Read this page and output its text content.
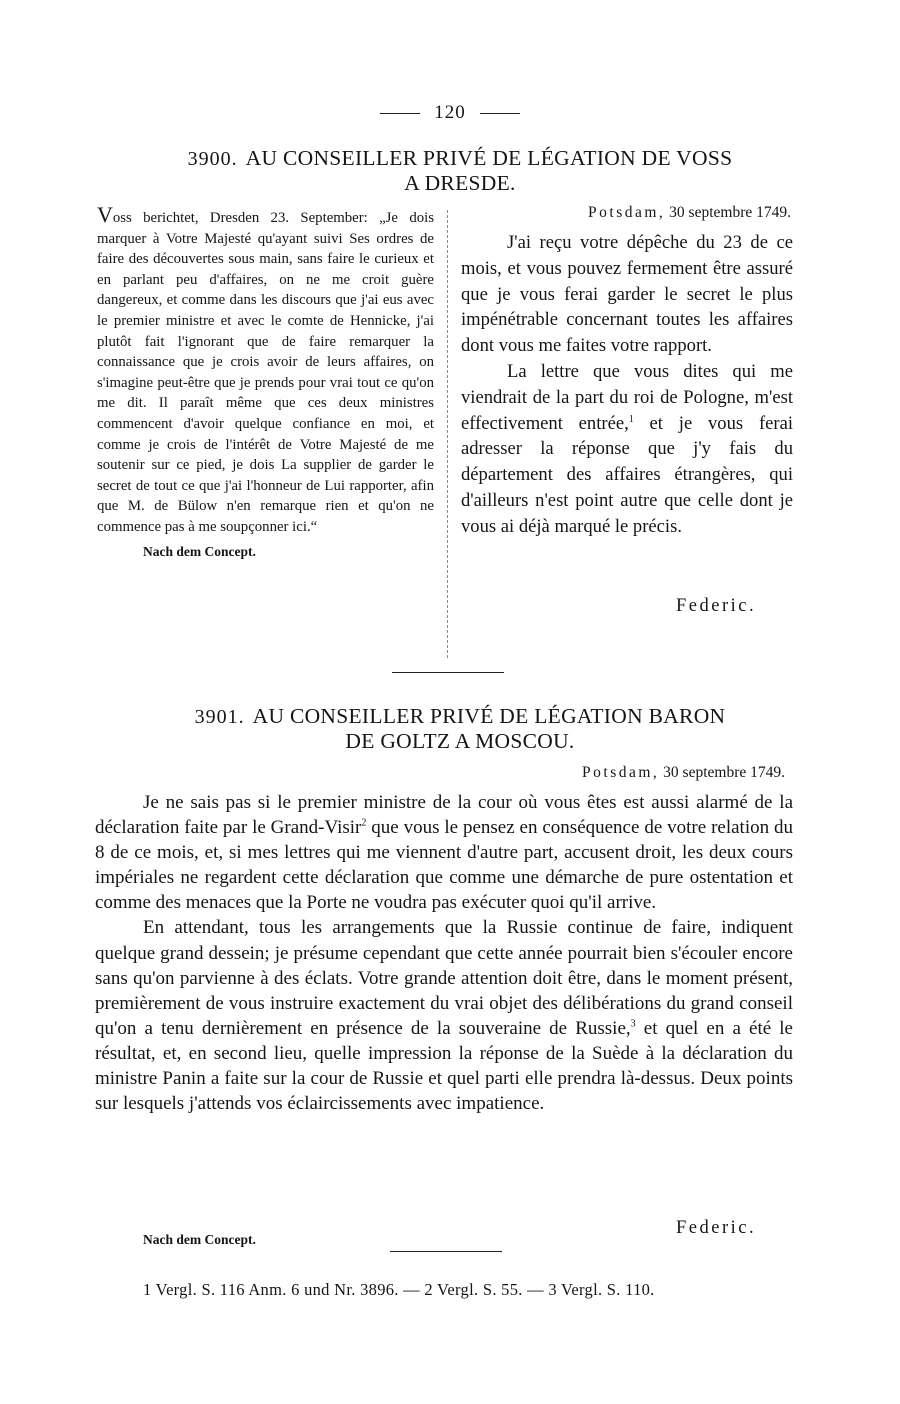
120
3900. AU CONSEILLER PRIVÉ DE LÉGATION DE VOSS
A DRESDE.
Voss berichtet, Dresden 23. September: „Je dois marquer à Votre Majesté qu'ayant suivi Ses ordres de faire des découvertes sous main, sans faire le curieux et en parlant peu d'affaires, on ne me croit guère dangereux, et comme dans les discours que j'ai eus avec le premier ministre et avec le comte de Hennicke, j'ai plutôt fait l'ignorant que de faire remarquer la connaissance que je crois avoir de leurs affaires, on s'imagine peut-être que je prends pour vrai tout ce qu'on me dit. Il paraît même que ces deux ministres commencent d'avoir quelque confiance en moi, et comme je crois de l'intérêt de Votre Majesté de me soutenir sur ce pied, je dois La supplier de garder le secret de tout ce que j'ai l'honneur de Lui rapporter, afin que M. de Bülow n'en remarque rien et qu'on ne commence pas à me soupçonner ici.“
Nach dem Concept.
Potsdam, 30 septembre 1749.

J'ai reçu votre dépêche du 23 de ce mois, et vous pouvez fermement être assuré que je vous ferai garder le secret le plus impénétrable concernant toutes les affaires dont vous me faites votre rapport.

La lettre que vous dites qui me viendrait de la part du roi de Pologne, m'est effectivement entrée,$^1$ et je vous ferai adresser la réponse que j'y fais du département des affaires étrangères, qui d'ailleurs n'est point autre que celle dont je vous ai déjà marqué le précis.

Federic.
3901. AU CONSEILLER PRIVÉ DE LÉGATION BARON
DE GOLTZ A MOSCOU.
Potsdam, 30 septembre 1749.

Je ne sais pas si le premier ministre de la cour où vous êtes est aussi alarmé de la déclaration faite par le Grand-Visir$^2$ que vous le pensez en conséquence de votre relation du 8 de ce mois, et, si mes lettres qui me viennent d'autre part, accusent droit, les deux cours impériales ne regardent cette déclaration que comme une démarche de pure ostentation et comme des menaces que la Porte ne voudra pas exécuter quoi qu'il arrive.

En attendant, tous les arrangements que la Russie continue de faire, indiquent quelque grand dessein; je présume cependant que cette année pourrait bien s'écouler encore sans qu'on parvienne à des éclats. Votre grande attention doit être, dans le moment présent, premièrement de vous instruire exactement du vrai objet des délibérations du grand conseil qu'on a tenu dernièrement en présence de la souveraine de Russie,$^3$ et quel en a été le résultat, et, en second lieu, quelle impression la réponse de la Suède à la déclaration du ministre Panin a faite sur la cour de Russie et quel parti elle prendra là-dessus. Deux points sur lesquels j'attends vos éclaircissements avec impatience.

Federic.
Nach dem Concept.
1 Vergl. S. 116 Anm. 6 und Nr. 3896. — 2 Vergl. S. 55. — 3 Vergl. S. 110.
